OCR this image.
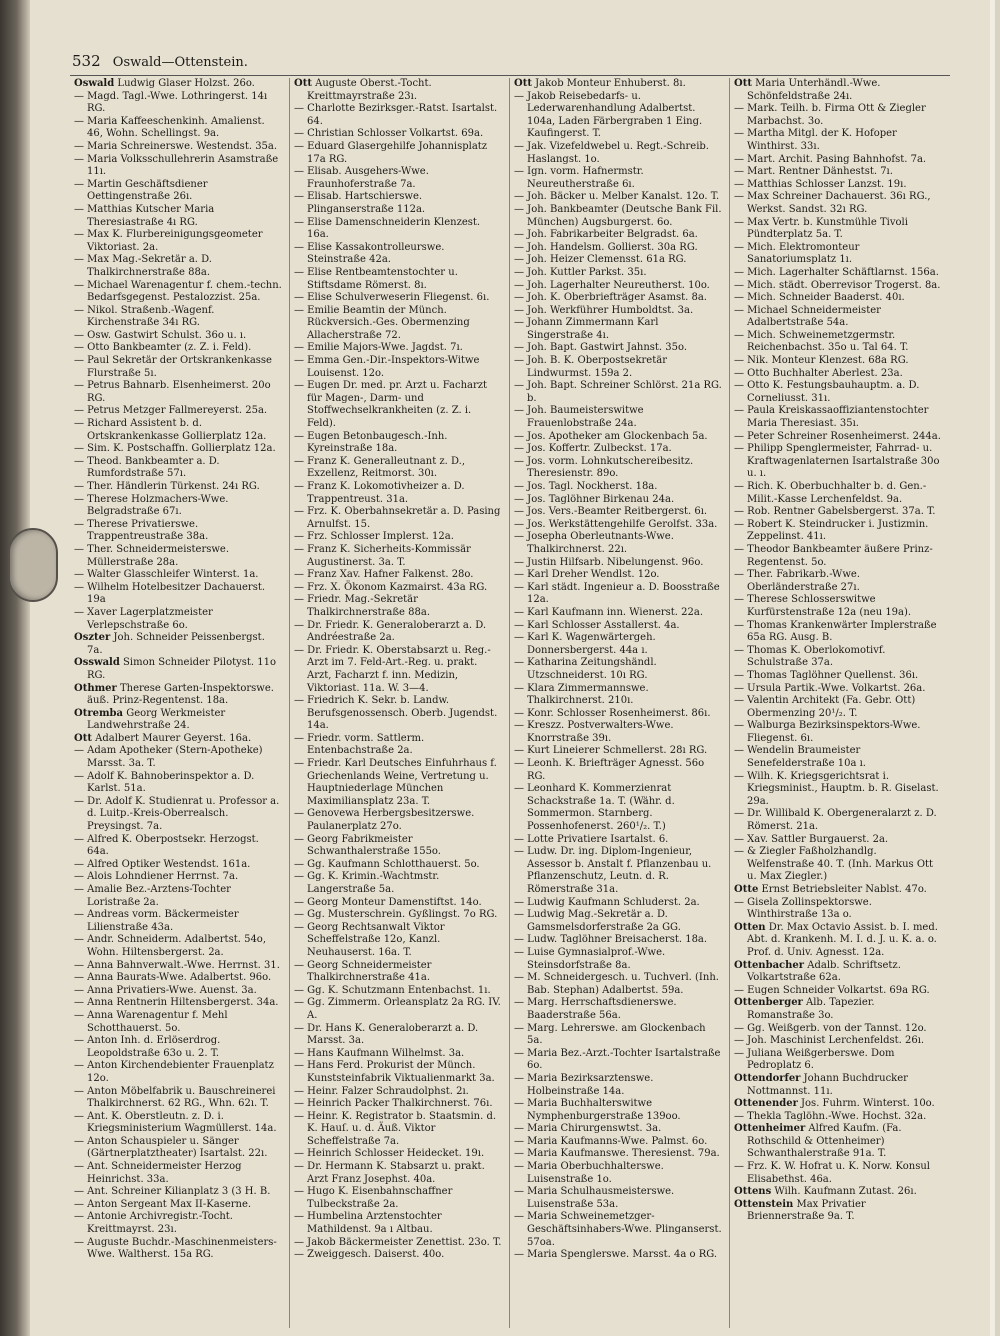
532 Oswald—Ottenstein.
Oswald Ludwig Glaser Holzst. 26o.
— Magd. Tagl.-Wwe. Lothringerst. 14ı RG.
— Maria Kaffeeschenkinh. Amalienst. 46, Wohn. Schellingst. 9a.
— Maria Schreinerswe. Westendst. 35a.
— Maria Volksschullehrerin Asamstraße 11ı.
— Martin Geschäftsdiener Oettingenstraße 26ı.
— Matthias Kutscher Maria Theresiastraße 4ı RG.
— Max K. Flurbereinigungsgeometer Viktoriast. 2a.
— Max Mag.-Sekretär a. D. Thalkirchnerstraße 88a.
— Michael Warenagentur f. chem.-techn. Bedarfsgegenst. Pestalozzist. 25a.
— Nikol. Straßenb.-Wagenf. Kirchenstraße 34ı RG.
— Osw. Gastwirt Schulst. 36o u. ı.
— Otto Bankbeamter (z. Z. i. Feld).
— Paul Sekretär der Ortskrankenkasse Flurstraße 5ı.
— Petrus Bahnarb. Elsenheimerst. 20o RG.
— Petrus Metzger Fallmereyerst. 25a.
— Richard Assistent b. d. Ortskrankenkasse Gollierplatz 12a.
— Sim. K. Postschaffn. Gollierplatz 12a.
— Theod. Bankbeamter a. D. Rumfordstraße 57ı.
— Ther. Händlerin Türkenst. 24ı RG.
— Therese Holzmachers-Wwe. Belgradstraße 67ı.
— Therese Privatierswe. Trappentreustraße 38a.
— Ther. Schneidermeisterswe. Müllerstraße 28a.
— Walter Glasschleifer Winterst. 1a.
— Wilhelm Hotelbesitzer Dachauerst. 19a
— Xaver Lagerplatzmeister Verlepschstraße 6o.
Oszter Joh. Schneider Peissenbergst. 7a.
Osswald Simon Schneider Pilotyst. 11o RG.
Othmer Therese Garten-Inspektorswe. äuß. Prinz-Regentenst. 18a.
Otremba Georg Werkmeister Landwehrstraße 24.
Ott Adalbert Maurer Geyerst. 16a.
— Adam Apotheker (Stern-Apotheke) Marsst. 3a. T.
— Adolf K. Bahnoberinspektor a. D. Karlst. 51a.
— Dr. Adolf K. Studienrat u. Professor a. d. Luitp.-Kreis-Oberrealsch. Preysingst. 7a.
— Alfred K. Oberpostsekr. Herzogst. 64a.
— Alfred Optiker Westendst. 161a.
— Alois Lohndiener Herrnst. 7a.
— Amalie Bez.-Arztens-Tochter Loristraße 2a.
— Andreas vorm. Bäckermeister Lilienstraße 43a.
— Andr. Schneiderm. Adalbertst. 54o, Wohn. Hiltensbergerst. 2a.
— Anna Bahnverwalt.-Wwe. Herrnst. 31.
— Anna Baurats-Wwe. Adalbertst. 96o.
— Anna Privatiers-Wwe. Auenst. 3a.
— Anna Rentnerin Hiltensbergerst. 34a.
— Anna Warenagentur f. Mehl Schotthauerst. 5o.
— Anton Inh. d. Erlöserdrog. Leopoldstraße 63o u. 2. T.
— Anton Kirchendebienter Frauenplatz 12o.
— Anton Möbelfabrik u. Bauschreinerei Thalkirchnerst. 62 RG., Whn. 62ı. T.
— Ant. K. Oberstleutn. z. D. i. Kriegsministerium Wagmüllerst. 14a.
— Anton Schauspieler u. Sänger (Gärtnerplatztheater) Isartalst. 22ı.
— Ant. Schneidermeister Herzog Heinrichst. 33a.
— Ant. Schreiner Kilianplatz 3 (3 H. B.
— Anton Sergeant Max II-Kaserne.
— Antonie Archivregistr.-Tocht. Kreittmayrst. 23ı.
— Auguste Buchdr.-Maschinenmeisters-Wwe. Waltherst. 15a RG.
Ott Auguste Oberst.-Tocht. Kreittmayrstraße 23ı.
— Charlotte Bezirksger.-Ratst. Isartalst. 64.
— Christian Schlosser Volkartst. 69a.
— Eduard Glasergehilfe Johannisplatz 17a RG.
— Elisab. Ausgehers-Wwe. Fraunhoferstraße 7a.
— Elisab. Hartschierswe. Plinganserstraße 112a.
— Elise Damenschneiderin Klenzest. 16a.
— Elise Kassakontrolleurswe. Steinstraße 42a.
— Elise Rentbeamtenstochter u. Stiftsdame Römerst. 8ı.
— Elise Schulverweserin Fliegenst. 6ı.
— Emilie Beamtin der Münch. Rückversich.-Ges. Obermenzing Allacherstraße 72.
— Emilie Majors-Wwe. Jagdst. 7ı.
— Emma Gen.-Dir.-Inspektors-Witwe Louisenst. 12o.
— Eugen Dr. med. pr. Arzt u. Facharzt für Magen-, Darm- und Stoffwechselkrankheiten (z. Z. i. Feld).
— Eugen Betonbaugesch.-Inh. Kyreinstraße 18a.
— Franz K. Generalleutnant z. D., Exzellenz, Reitmorst. 30ı.
— Franz K. Lokomotivheizer a. D. Trappentreust. 31a.
— Frz. K. Oberbahnsekretär a. D. Pasing Arnulfst. 15.
— Frz. Schlosser Implerst. 12a.
— Franz K. Sicherheits-Kommissär Augustinerst. 3a. T.
— Franz Xav. Hafner Falkenst. 28o.
— Frz. X. Ökonom Kazmairst. 43a RG.
— Friedr. Mag.-Sekretär Thalkirchnerstraße 88a.
— Dr. Friedr. K. Generaloberarzt a. D. Andréestraße 2a.
— Dr. Friedr. K. Oberstabsarzt u. Reg.-Arzt im 7. Feld-Art.-Reg. u. prakt. Arzt, Facharzt f. inn. Medizin, Viktoriast. 11a. W. 3—4.
— Friedrich K. Sekr. b. Landw. Berufsgenossensch. Oberb. Jugendst. 14a.
— Friedr. vorm. Sattlerm. Entenbachstraße 2a.
— Friedr. Karl Deutsches Einfuhrhaus f. Griechenlands Weine, Vertretung u. Hauptniederlage München Maximiliansplatz 23a. T.
— Genovewa Herbergsbesitzerswe. Paulanerplatz 27o.
— Georg Fabrikmeister Schwanthalerstraße 155o.
— Gg. Kaufmann Schlotthauerst. 5o.
— Gg. K. Krimin.-Wachtmstr. Langerstraße 5a.
— Georg Monteur Damenstiftst. 14o.
— Gg. Musterschrein. Gyßlingst. 7o RG.
— Georg Rechtsanwalt Viktor Scheffelstraße 12o, Kanzl. Neuhauserst. 16a. T.
— Georg Schneidermeister Thalkirchnerstraße 41a.
— Gg. K. Schutzmann Entenbachst. 1ı.
— Gg. Zimmerm. Orleansplatz 2a RG. IV. A.
— Dr. Hans K. Generaloberarzt a. D. Marsst. 3a.
— Hans Kaufmann Wilhelmst. 3a.
— Hans Ferd. Prokurist der Münch. Kunststeinfabrik Viktualienmarkt 3a.
— Heinr. Falzer Schraudolphst. 2ı.
— Heinrich Packer Thalkirchnerst. 76ı.
— Heinr. K. Registrator b. Staatsmin. d. K. Hauſ. u. d. Äuß. Viktor Scheffelstraße 7a.
— Heinrich Schlosser Heidecket. 19ı.
— Dr. Hermann K. Stabsarzt u. prakt. Arzt Franz Josephst. 40a.
— Hugo K. Eisenbahnschaffner Tulbeckstraße 2a.
— Humbelina Arztenstochter Mathildenst. 9a ı Altbau.
— Jakob Bäckermeister Zenettist. 23o. T.
— Zweiggesch. Daiserst. 40o.
Ott Jakob Monteur Enhuberst. 8ı.
— Jakob Reisebedarfs- u. Lederwarenhandlung Adalbertst. 104a, Laden Färbergraben 1 Eing. Kaufingerst. T.
— Jak. Vizefeldwebel u. Regt.-Schreib. Haslangst. 1o.
— Ign. vorm. Hafnermstr. Neureutherstraße 6ı.
— Joh. Bäcker u. Melber Kanalst. 12o. T.
— Joh. Bankbeamter (Deutsche Bank Fil. München) Augsburgerst. 6o.
— Joh. Fabrikarbeiter Belgradst. 6a.
— Joh. Handelsm. Gollierst. 30a RG.
— Joh. Heizer Clemensst. 61a RG.
— Joh. Kuttler Parkst. 35ı.
— Joh. Lagerhalter Neureutherst. 10o.
— Joh. K. Oberbriefträger Asamst. 8a.
— Joh. Werkführer Humboldtst. 3a.
— Johann Zimmermann Karl Singerstraße 4ı.
— Joh. Bapt. Gastwirt Jahnst. 35o.
— Joh. B. K. Oberpostsekretär Lindwurmst. 159a 2.
— Joh. Bapt. Schreiner Schlörst. 21a RG. b.
— Joh. Baumeisterswitwe Frauenlobstraße 24a.
— Jos. Apotheker am Glockenbach 5a.
— Jos. Koffertr. Zulbeckst. 17a.
— Jos. vorm. Lohnkutschereibesitz. Theresienstr. 89o.
— Jos. Tagl. Nockherst. 18a.
— Jos. Taglöhner Birkenau 24a.
— Jos. Vers.-Beamter Reitbergerst. 6ı.
— Jos. Werkstättengehilfe Gerolfst. 33a.
— Josepha Oberleutnants-Wwe. Thalkirchnerst. 22ı.
— Justin Hilfsarb. Nibelungenst. 96o.
— Karl Dreher Wendlst. 12o.
— Karl städt. Ingenieur a. D. Boosstraße 12a.
— Karl Kaufmann inn. Wienerst. 22a.
— Karl Schlosser Asstallerst. 4a.
— Karl K. Wagenwärtergeh. Donnersbergerst. 44a ı.
— Katharina Zeitungshändl. Utzschneiderst. 10ı RG.
— Klara Zimmermannswe. Thalkirchnerst. 210ı.
— Konr. Schlosser Rosenheimerst. 86ı.
— Kreszz. Postverwalters-Wwe. Knorrstraße 39ı.
— Kurt Lineierer Schmellerst. 28ı RG.
— Leonh. K. Briefträger Agnesst. 56o RG.
— Leonhard K. Kommerzienrat Schackstraße 1a. T. (Währ. d. Sommermon. Starnberg. Possenhofenerst. 260¹/₂. T.)
— Lotte Privatiere Isartalst. 6.
— Ludw. Dr. ing. Diplom-Ingenieur, Assessor b. Anstalt f. Pflanzenbau u. Pflanzenschutz, Leutn. d. R. Römerstraße 31a.
— Ludwig Kaufmann Schluderst. 2a.
— Ludwig Mag.-Sekretär a. D. Gamsmelsdorferstraße 2a GG.
— Ludw. Taglöhner Breisacherst. 18a.
— Luise Gymnasialprof.-Wwe. Steinsdorfstraße 8a.
— M. Schneidergesch. u. Tuchverl. (Inh. Bab. Stephan) Adalbertst. 59a.
— Marg. Herrschaftsdienerswe. Baaderstraße 56a.
— Marg. Lehrerswe. am Glockenbach 5a.
— Maria Bez.-Arzt.-Tochter Isartalstraße 6o.
— Maria Bezirksarztenswe. Holbeinstraße 14a.
— Maria Buchhalterswitwe Nymphenburgerstraße 139oo.
— Maria Chirurgenswtst. 3a.
— Maria Kaufmanns-Wwe. Palmst. 6o.
— Maria Kaufmanswe. Theresienst. 79a.
— Maria Oberbuchhalterswe. Luisenstraße 1o.
— Maria Schulhausmeisterswe. Luisenstraße 53a.
— Maria Schweinemetzger-Geschäftsinhabers-Wwe. Plinganserst. 57oa.
— Maria Spenglerswe. Marsst. 4a o RG.
Ott Maria Unterhändl.-Wwe. Schönfeldstraße 24ı.
— Mark. Teilh. b. Firma Ott & Ziegler Marbachst. 3o.
— Martha Mitgl. der K. Hofoper Winthirst. 33ı.
— Mart. Archit. Pasing Bahnhofst. 7a.
— Mart. Rentner Dänhestst. 7ı.
— Matthias Schlosser Lanzst. 19ı.
— Max Schreiner Dachauerst. 36ı RG., Werkst. Sandst. 32ı RG.
— Max Vertr. b. Kunstmühle Tivoli Pündterplatz 5a. T.
— Mich. Elektromonteur Sanatoriumsplatz 1ı.
— Mich. Lagerhalter Schäftlarnst. 156a.
— Mich. städt. Oberrevisor Trogerst. 8a.
— Mich. Schneider Baaderst. 40ı.
— Michael Schneidermeister Adalbertstraße 54a.
— Mich. Schweinemetzgermstr. Reichenbachst. 35o u. Tal 64. T.
— Nik. Monteur Klenzest. 68a RG.
— Otto Buchhalter Aberlest. 23a.
— Otto K. Festungsbauhauptm. a. D. Corneliusst. 31ı.
— Paula Kreiskassaoffiziantenstochter Maria Theresiast. 35ı.
— Peter Schreiner Rosenheimerst. 244a.
— Philipp Spenglermeister, Fahrrad- u. Kraftwagenlaternen Isartalstraße 30o u. ı.
— Rich. K. Oberbuchhalter b. d. Gen.-Milit.-Kasse Lerchenfeldst. 9a.
— Rob. Rentner Gabelsbergerst. 37a. T.
— Robert K. Steindrucker i. Justizmin. Zeppelinst. 41ı.
— Theodor Bankbeamter äußere Prinz-Regentenst. 5o.
— Ther. Fabrikarb.-Wwe. Oberländerstraße 27ı.
— Therese Schlosserswitwe Kurfürstenstraße 12a (neu 19a).
— Thomas Krankenwärter Implerstraße 65a RG. Ausg. B.
— Thomas K. Oberlokomotivf. Schulstraße 37a.
— Thomas Taglöhner Quellenst. 36ı.
— Ursula Partik.-Wwe. Volkartst. 26a.
— Valentin Architekt (Fa. Gebr. Ott) Obermenzing 20¹/₂. T.
— Walburga Bezirksinspektors-Wwe. Fliegenst. 6ı.
— Wendelin Braumeister Senefelderstraße 10a ı.
— Wilh. K. Kriegsgerichtsrat i. Kriegsminist., Hauptm. b. R. Giselast. 29a.
— Dr. Willibald K. Obergeneralarzt z. D. Römerst. 21a.
— Xav. Sattler Burgauerst. 2a.
— & Ziegler Faßholzhandlg. Welfenstraße 40. T. (Inh. Markus Ott u. Max Ziegler.)
Otte Ernst Betriebsleiter Nablst. 47o.
— Gisela Zollinspektorswe. Winthirstraße 13a o.
Otten Dr. Max Octavio Assist. b. I. med. Abt. d. Krankenh. M. I. d. J. u. K. a. o. Prof. d. Univ. Agnesst. 12a.
Ottenbacher Adalb. Schriftsetz. Volkartstraße 62a.
— Eugen Schneider Volkartst. 69a RG.
Ottenberger Alb. Tapezier. Romanstraße 3o.
— Gg. Weißgerb. von der Tannst. 12o.
— Joh. Maschinist Lerchenfeldst. 26ı.
— Juliana Weißgerberswe. Dom Pedroplatz 6.
Ottendorfer Johann Buchdrucker Nottmannst. 11ı.
Ottenender Jos. Fuhrm. Winterst. 10o.
— Thekla Taglöhn.-Wwe. Hochst. 32a.
Ottenheimer Alfred Kaufm. (Fa. Rothschild & Ottenheimer) Schwanthalerstraße 91a. T.
— Frz. K. W. Hofrat u. K. Norw. Konsul Elisabethst. 46a.
Ottens Wilh. Kaufmann Zutast. 26ı.
Ottenstein Max Privatier Briennerstraße 9a. T.
